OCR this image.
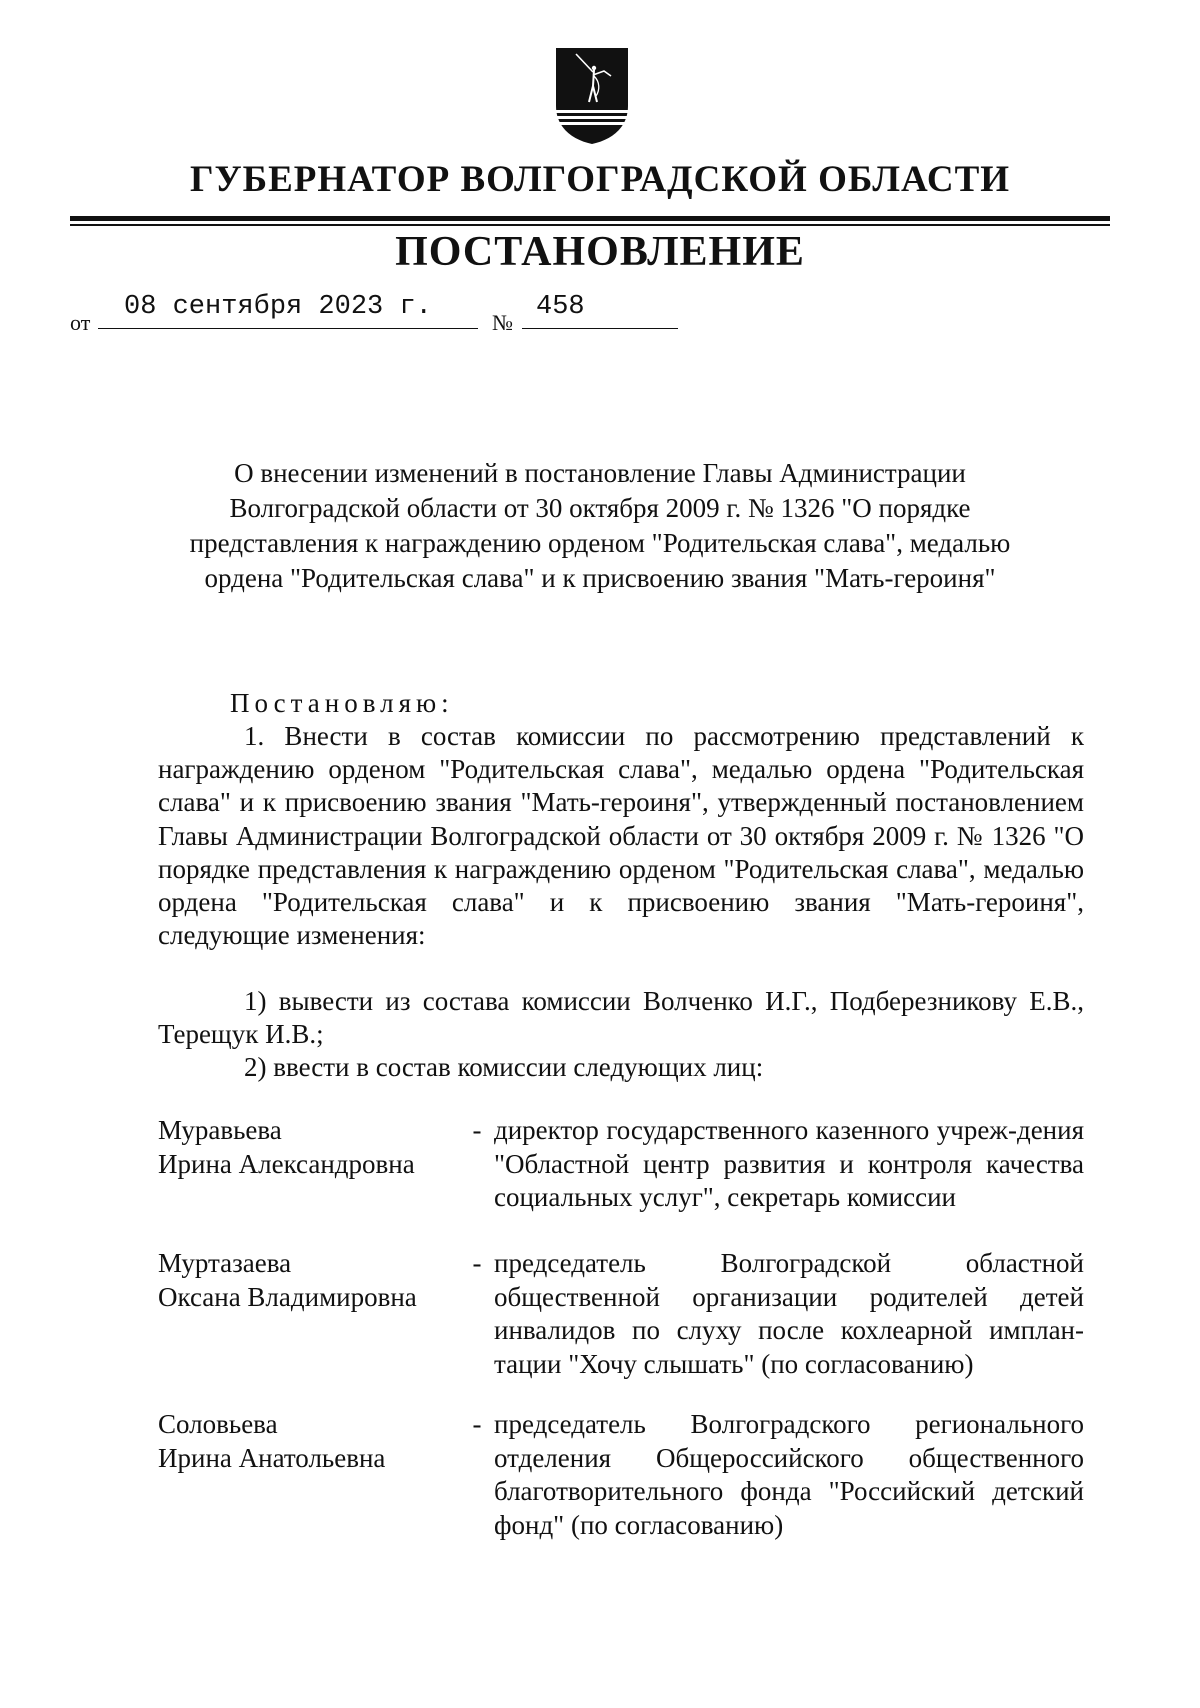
ГУБЕРНАТОР ВОЛГОГРАДСКОЙ ОБЛАСТИ
ПОСТАНОВЛЕНИЕ
от
08 сентября 2023 г.
№
458
О внесении изменений в постановление Главы Администрации Волгоградской области от 30 октября 2009 г. № 1326 "О порядке представления к награждению орденом "Родительская слава", медалью ордена "Родительская слава" и к присвоению звания "Мать-героиня"
Постановляю:
1. Внести в состав комиссии по рассмотрению представлений к награждению орденом "Родительская слава", медалью ордена "Родительская слава" и к присвоению звания "Мать-героиня", утвержденный постановлением Главы Администрации Волгоградской области от 30 октября 2009 г. № 1326 "О порядке представления к награждению орденом "Родительская слава", медалью ордена "Родительская слава" и к присвоению звания "Мать-героиня", следующие изменения:
1) вывести из состава комиссии Волченко И.Г., Подберезникову Е.В., Терещук И.В.;
2) ввести в состав комиссии следующих лиц:
Муравьева
Ирина Александровна
- директор государственного казенного учреж-дения "Областной центр развития и контроля качества социальных услуг", секретарь комиссии
Муртазаева
Оксана Владимировна
- председатель Волгоградской областной общественной организации родителей детей инвалидов по слуху после кохлеарной имплан-тации "Хочу слышать" (по согласованию)
Соловьева
Ирина Анатольевна
- председатель Волгоградского регионального отделения Общероссийского общественного благотворительного фонда "Российский детский фонд" (по согласованию)
